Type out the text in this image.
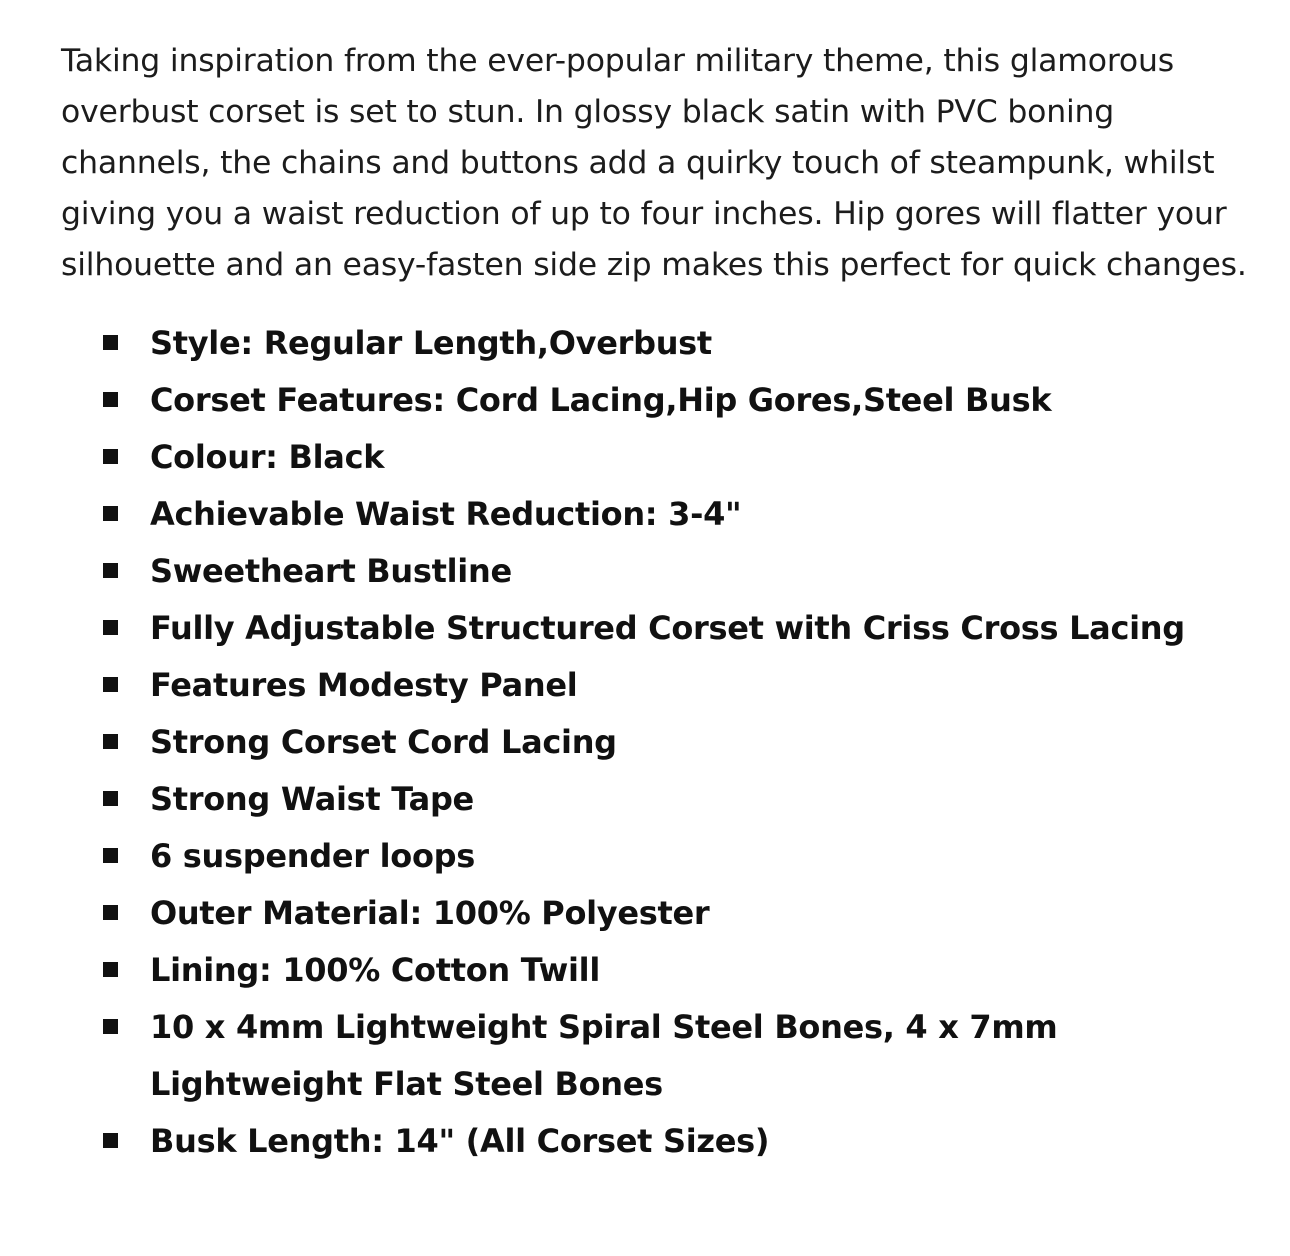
Taking inspiration from the ever-popular military theme, this glamorous overbust corset is set to stun. In glossy black satin with PVC boning channels, the chains and buttons add a quirky touch of steampunk, whilst giving you a waist reduction of up to four inches. Hip gores will flatter your silhouette and an easy-fasten side zip makes this perfect for quick changes.

Style: Regular Length,Overbust
Corset Features: Cord Lacing,Hip Gores,Steel Busk
Colour: Black
Achievable Waist Reduction: 3-4"
Sweetheart Bustline
Fully Adjustable Structured Corset with Criss Cross Lacing
Features Modesty Panel
Strong Corset Cord Lacing
Strong Waist Tape
6 suspender loops
Outer Material: 100% Polyester
Lining: 100% Cotton Twill
10 x 4mm Lightweight Spiral Steel Bones, 4 x 7mm Lightweight Flat Steel Bones
Busk Length: 14" (All Corset Sizes)
